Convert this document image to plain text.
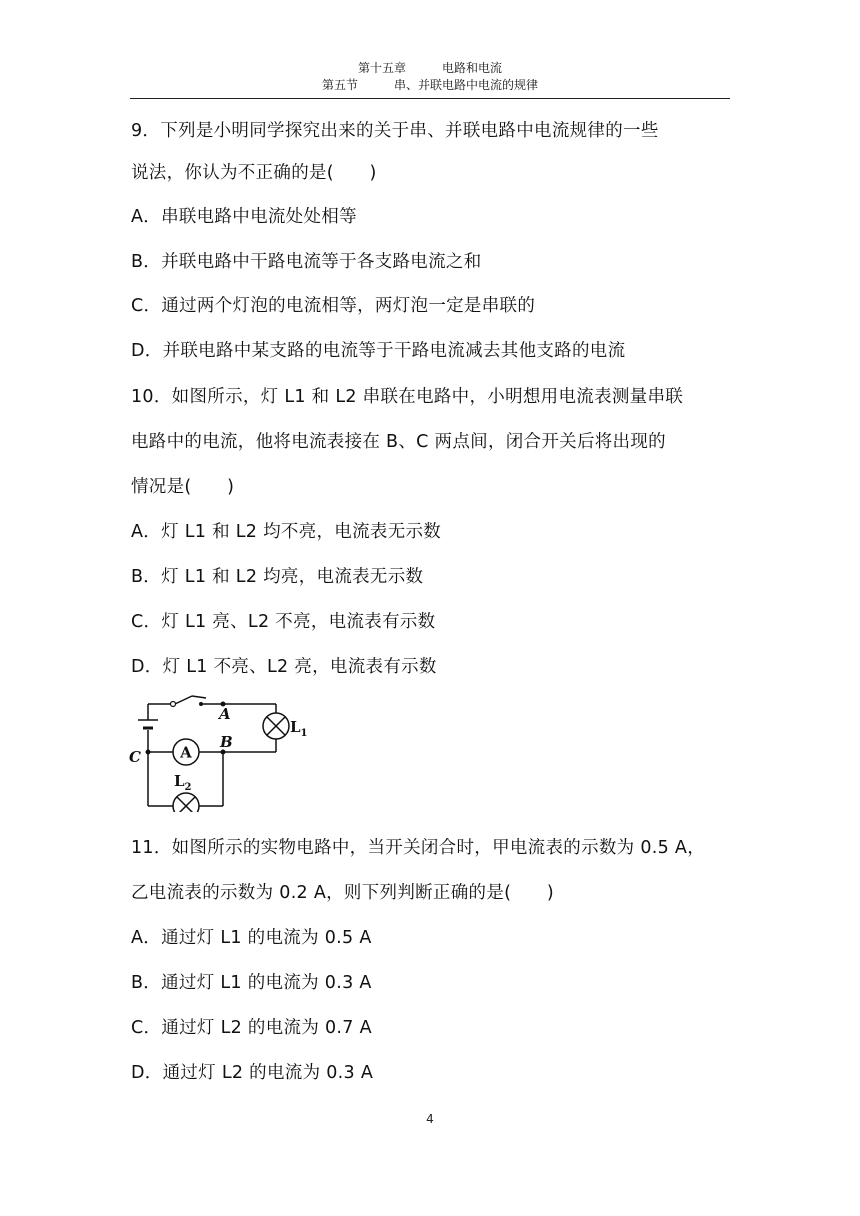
第十五章	电路和电流
第五节	串、并联电路中电流的规律
9．下列是小明同学探究出来的关于串、并联电路中电流规律的一些
说法，你认为不正确的是(　　)
A．串联电路中电流处处相等
B．并联电路中干路电流等于各支路电流之和
C．通过两个灯泡的电流相等，两灯泡一定是串联的
D．并联电路中某支路的电流等于干路电流减去其他支路的电流
10．如图所示，灯 L1 和 L2 串联在电路中，小明想用电流表测量串联
电路中的电流，他将电流表接在 B、C 两点间，闭合开关后将出现的
情况是(　　)
A．灯 L1 和 L2 均不亮，电流表无示数
B．灯 L1 和 L2 均亮，电流表无示数
C．灯 L1 亮、L2 不亮，电流表有示数
D．灯 L1 不亮、L2 亮，电流表有示数
A
A
B
C
$L_1$
$L_2$
11．如图所示的实物电路中，当开关闭合时，甲电流表的示数为 0.5 A，
乙电流表的示数为 0.2 A，则下列判断正确的是(　　)
A．通过灯 L1 的电流为 0.5 A
B．通过灯 L1 的电流为 0.3 A
C．通过灯 L2 的电流为 0.7 A
D．通过灯 L2 的电流为 0.3 A
4
